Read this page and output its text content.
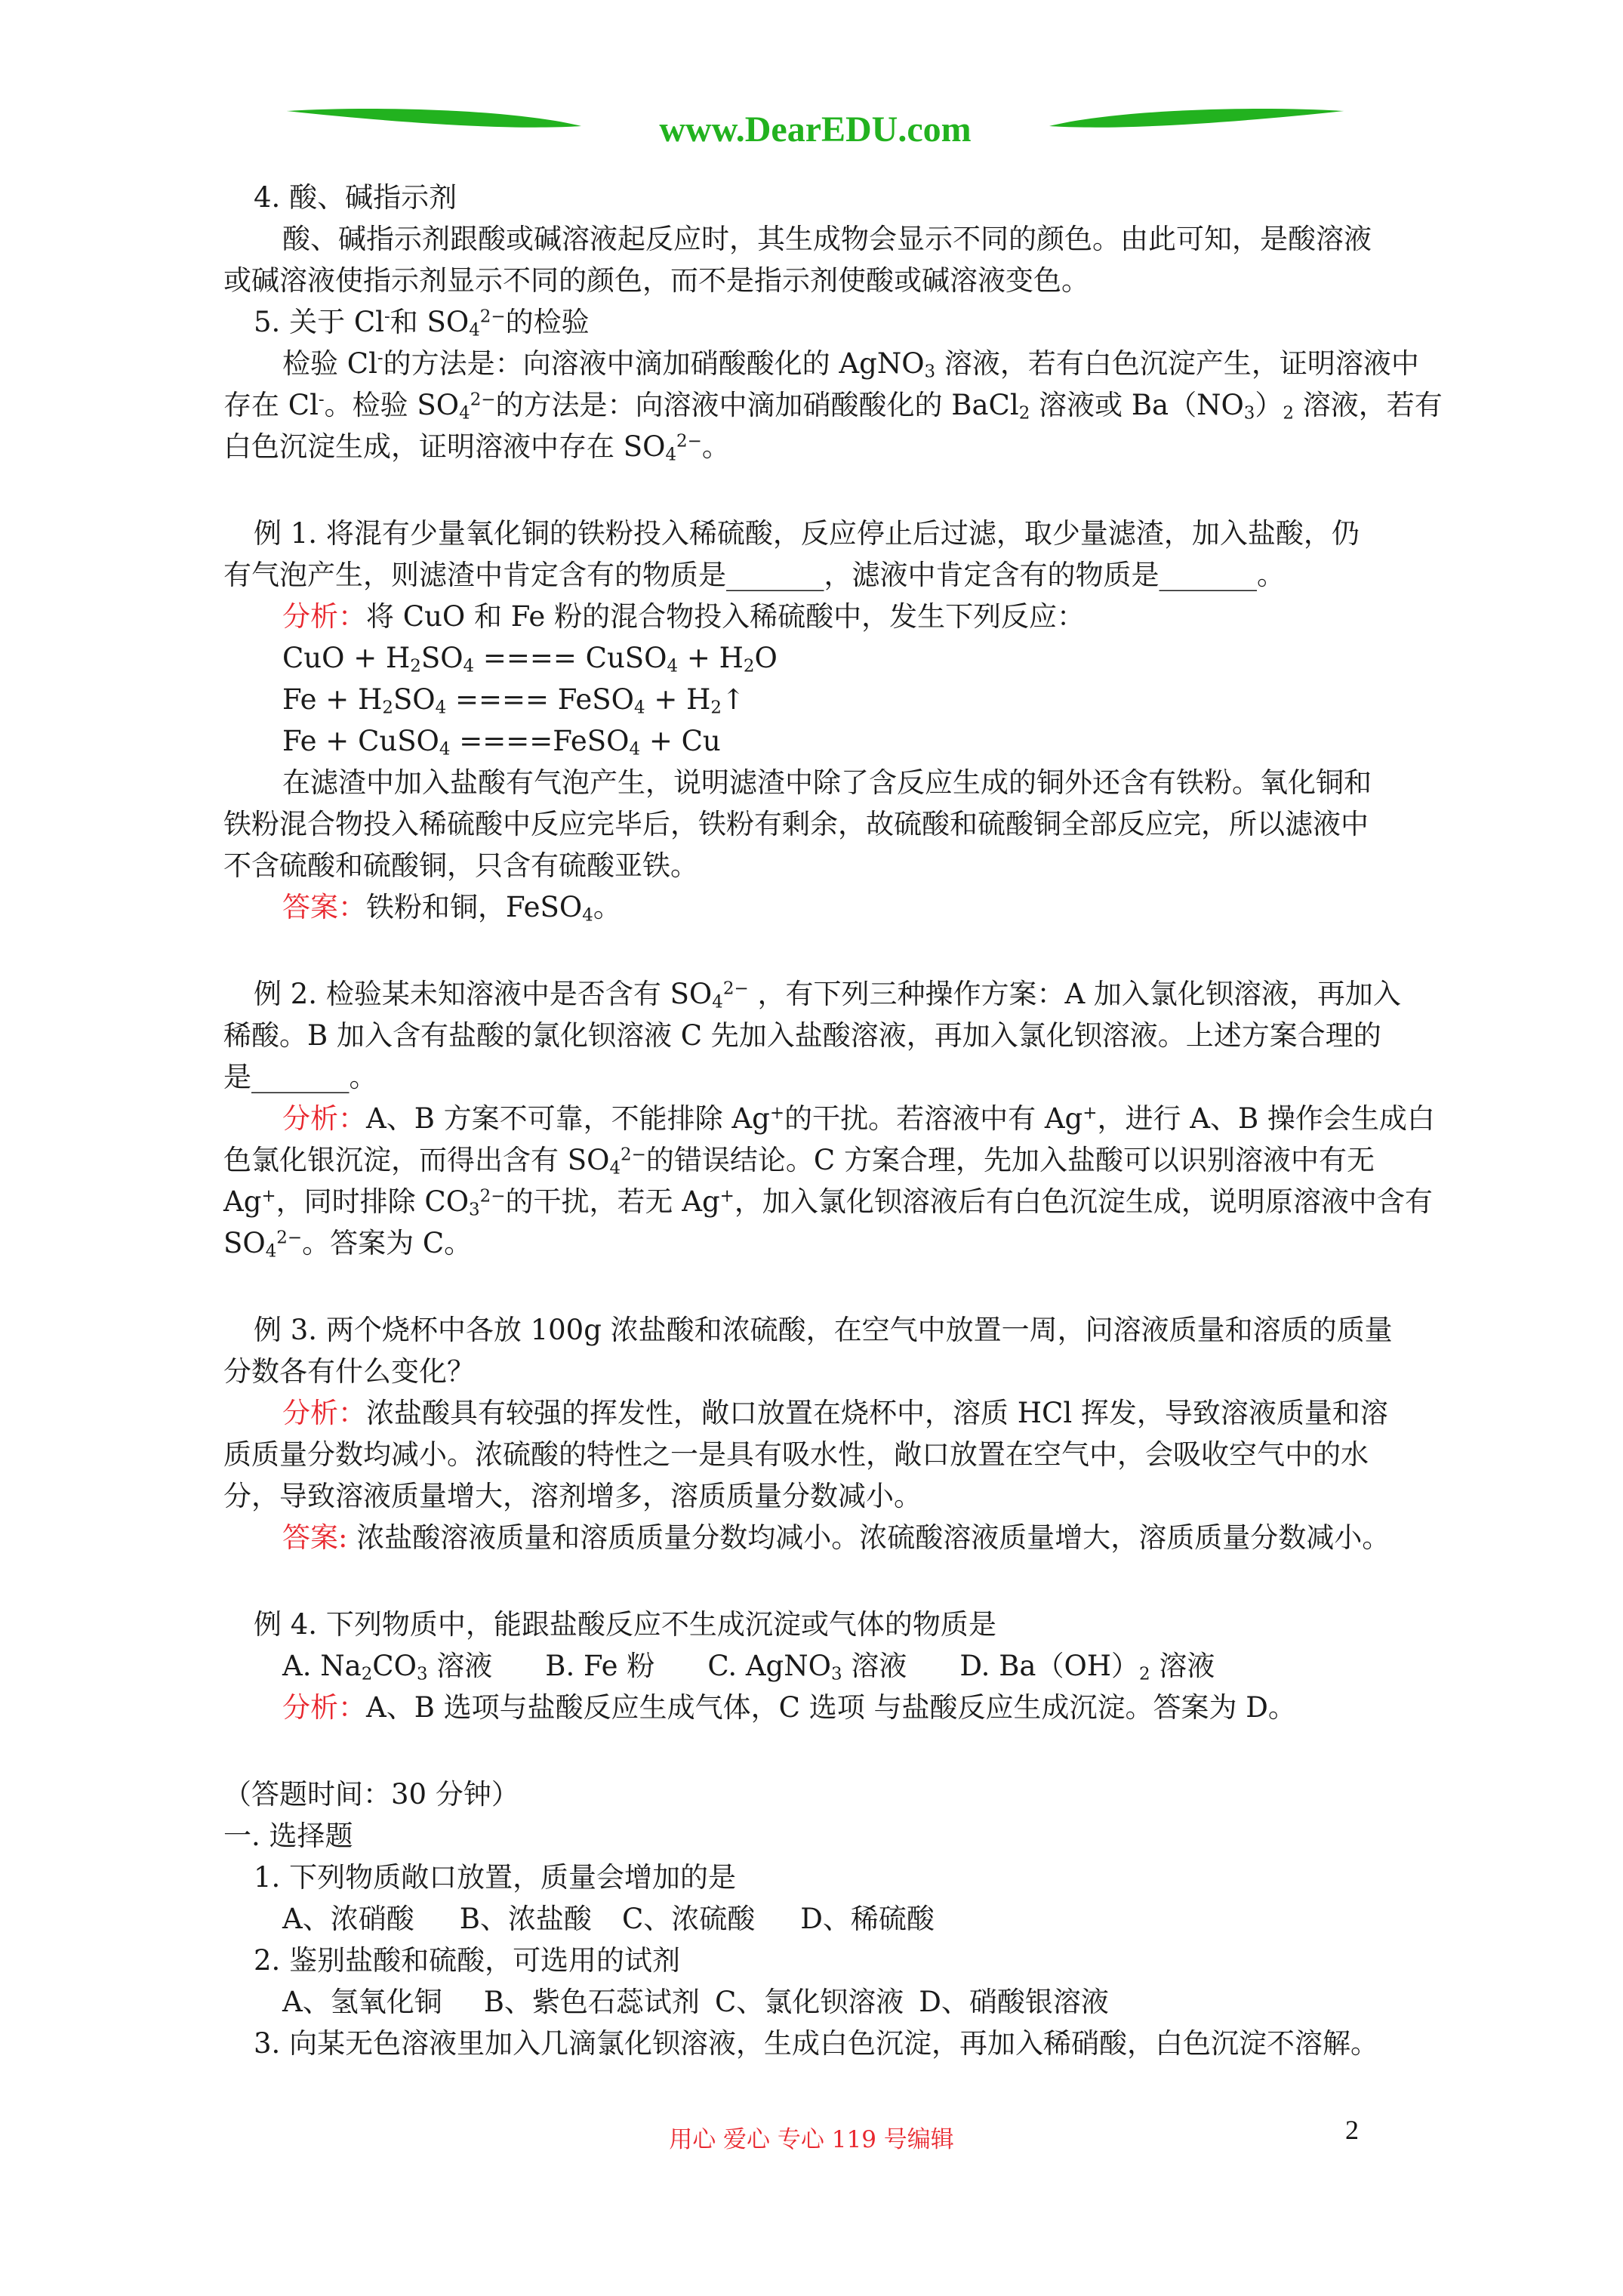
www.DearEDU.com
4. 酸、碱指示剂
酸、碱指示剂跟酸或碱溶液起反应时，其生成物会显示不同的颜色。由此可知，是酸溶液
或碱溶液使指示剂显示不同的颜色，而不是指示剂使酸或碱溶液变色。
5. 关于 Cl-和 $SO_4^{2-}$的检验
检验 Cl-的方法是：向溶液中滴加硝酸酸化的 AgNO$_3$ 溶液，若有白色沉淀产生，证明溶液中
存在 Cl-。检验 $SO_4^{2-}$的方法是：向溶液中滴加硝酸酸化的 BaCl$_2$ 溶液或 $Ba(NO_3)_2$ 溶液，若有
白色沉淀生成，证明溶液中存在 $SO_4^{2-}$。
例 1. 将混有少量氧化铜的铁粉投入稀硫酸，反应停止后过滤，取少量滤渣，加入盐酸，仍
有气泡产生，则滤渣中肯定含有的物质是_______，滤液中肯定含有的物质是_______。
分析：将 CuO 和 Fe 粉的混合物投入稀硫酸中，发生下列反应：
CuO + $H_2SO_4$ ==== CuSO$_4$ + $H_2O$
$Fe + H_2SO_4$ ==== FeSO$_4$ + $H_2↑$
Fe + CuSO$_4$ ====FeSO$_4$ + Cu
在滤渣中加入盐酸有气泡产生，说明滤渣中除了含反应生成的铜外还含有铁粉。氧化铜和
铁粉混合物投入稀硫酸中反应完毕后，铁粉有剩余，故硫酸和硫酸铜全部反应完，所以滤液中
不含硫酸和硫酸铜，只含有硫酸亚铁。
答案：铁粉和铜，FeSO$_4$。
例 2. 检验某未知溶液中是否含有 $SO_4^{2-}$ ，有下列三种操作方案：A 加入氯化钡溶液，再加入
稀酸。B 加入含有盐酸的氯化钡溶液 C 先加入盐酸溶液，再加入氯化钡溶液。上述方案合理的
是_______。
分析：A、B 方案不可靠，不能排除 Ag+的干扰。若溶液中有 Ag+，进行 A、B 操作会生成白
色氯化银沉淀，而得出含有 $SO_4^{2-}$的错误结论。C 方案合理，先加入盐酸可以识别溶液中有无
Ag+，同时排除 $CO_3^{2-}$的干扰，若无 Ag+，加入氯化钡溶液后有白色沉淀生成，说明原溶液中含有
$SO_4^{2-}$。答案为 C。
例 3. 两个烧杯中各放 100g 浓盐酸和浓硫酸，在空气中放置一周，问溶液质量和溶质的质量
分数各有什么变化？
分析：浓盐酸具有较强的挥发性，敞口放置在烧杯中，溶质 HCl 挥发，导致溶液质量和溶
质质量分数均减小。浓硫酸的特性之一是具有吸水性，敞口放置在空气中，会吸收空气中的水
分，导致溶液质量增大，溶剂增多，溶质质量分数减小。
答案: 浓盐酸溶液质量和溶质质量分数均减小。浓硫酸溶液质量增大，溶质质量分数减小。
例 4. 下列物质中，能跟盐酸反应不生成沉淀或气体的物质是
A. $Na_2CO_3$ 溶液 B. Fe 粉 C. AgNO$_3$ 溶液 D. $Ba(OH)_2$ 溶液
分析：A、B 选项与盐酸反应生成气体，C 选项 与盐酸反应生成沉淀。答案为 D。
（答题时间：30 分钟）
一. 选择题
1. 下列物质敞口放置，质量会增加的是
A、浓硝酸 B、浓盐酸 C、浓硫酸 D、稀硫酸
2. 鉴别盐酸和硫酸，可选用的试剂
A、氢氧化铜 B、紫色石蕊试剂 C、氯化钡溶液 D、硝酸银溶液
3. 向某无色溶液里加入几滴氯化钡溶液，生成白色沉淀，再加入稀硝酸，白色沉淀不溶解。
用心 爱心 专心 119 号编辑	2
